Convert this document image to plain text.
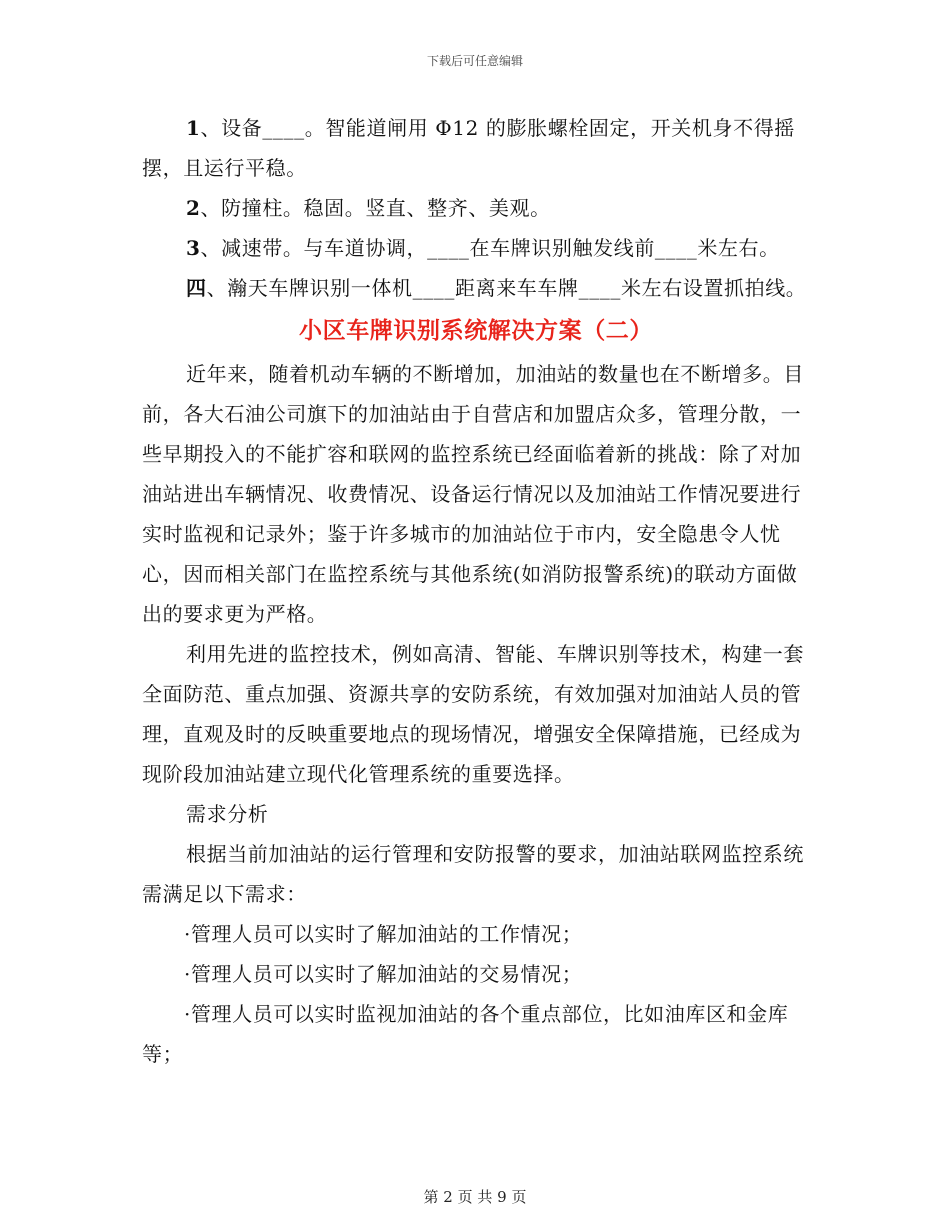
下载后可任意编辑

1、设备____。智能道闸用 Φ12 的膨胀螺栓固定，开关机身不得摇摆，且运行平稳。

2、防撞柱。稳固。竖直、整齐、美观。

3、减速带。与车道协调，____在车牌识别触发线前____米左右。

四、瀚天车牌识别一体机____距离来车车牌____米左右设置抓拍线。

小区车牌识别系统解决方案（二）

近年来，随着机动车辆的不断增加，加油站的数量也在不断增多。目前，各大石油公司旗下的加油站由于自营店和加盟店众多，管理分散，一些早期投入的不能扩容和联网的监控系统已经面临着新的挑战：除了对加油站进出车辆情况、收费情况、设备运行情况以及加油站工作情况要进行实时监视和记录外；鉴于许多城市的加油站位于市内，安全隐患令人忧心，因而相关部门在监控系统与其他系统(如消防报警系统)的联动方面做出的要求更为严格。

利用先进的监控技术，例如高清、智能、车牌识别等技术，构建一套全面防范、重点加强、资源共享的安防系统，有效加强对加油站人员的管理，直观及时的反映重要地点的现场情况，增强安全保障措施，已经成为现阶段加油站建立现代化管理系统的重要选择。

需求分析

根据当前加油站的运行管理和安防报警的要求，加油站联网监控系统需满足以下需求：

·管理人员可以实时了解加油站的工作情况；

·管理人员可以实时了解加油站的交易情况；

·管理人员可以实时监视加油站的各个重点部位，比如油库区和金库等；

第 2 页 共 9 页
